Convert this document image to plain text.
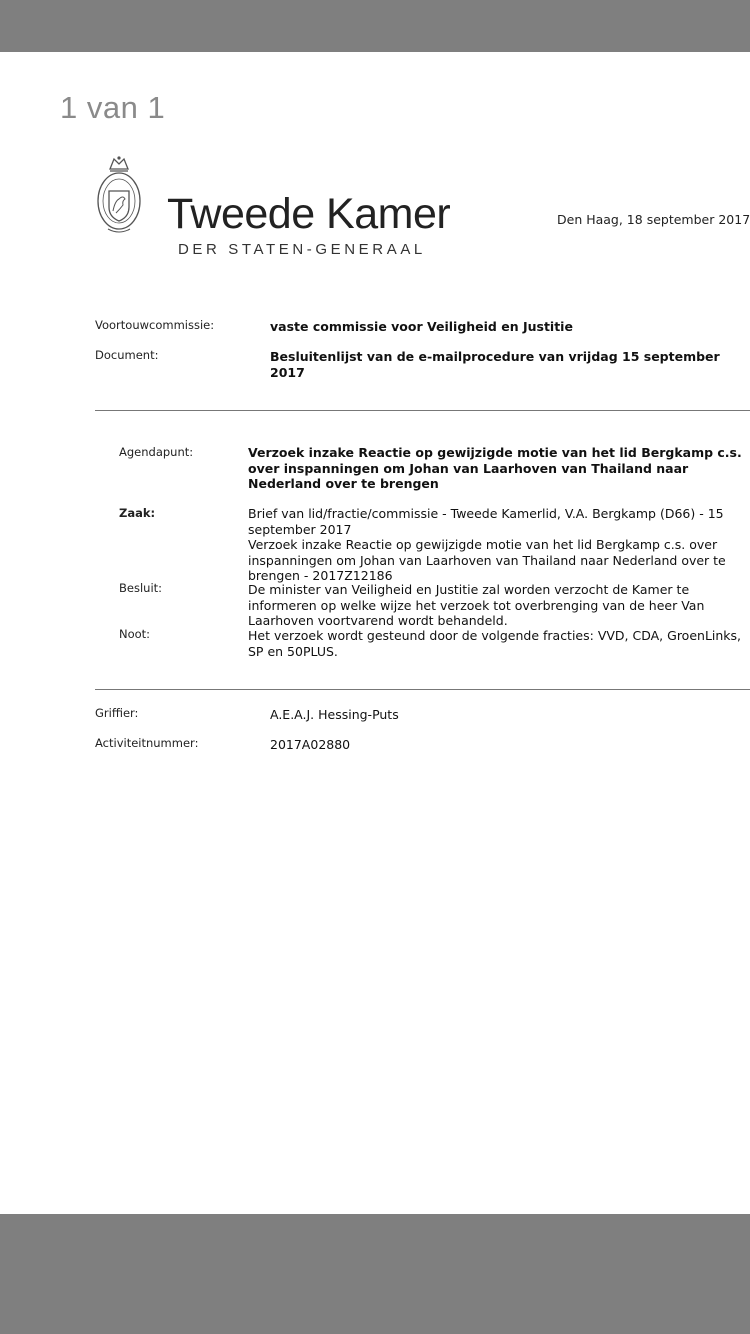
1 van 1
Tweede Kamer
DER STATEN-GENERAAL
Den Haag, 18 september 2017
Voortouwcommissie:	vaste commissie voor Veiligheid en Justitie
Document:	Besluitenlijst van de e-mailprocedure van vrijdag 15 september 2017
Agendapunt:	Verzoek inzake Reactie op gewijzigde motie van het lid Bergkamp c.s. over inspanningen om Johan van Laarhoven van Thailand naar Nederland over te brengen
Zaak:	Brief van lid/fractie/commissie - Tweede Kamerlid, V.A. Bergkamp (D66) - 15 september 2017
Verzoek inzake Reactie op gewijzigde motie van het lid Bergkamp c.s. over inspanningen om Johan van Laarhoven van Thailand naar Nederland over te brengen - 2017Z12186
Besluit:	De minister van Veiligheid en Justitie zal worden verzocht de Kamer te informeren op welke wijze het verzoek tot overbrenging van de heer Van Laarhoven voortvarend wordt behandeld.
Noot:	Het verzoek wordt gesteund door de volgende fracties: VVD, CDA, GroenLinks, SP en 50PLUS.
Griffier:	A.E.A.J. Hessing-Puts
Activiteitnummer:	2017A02880
